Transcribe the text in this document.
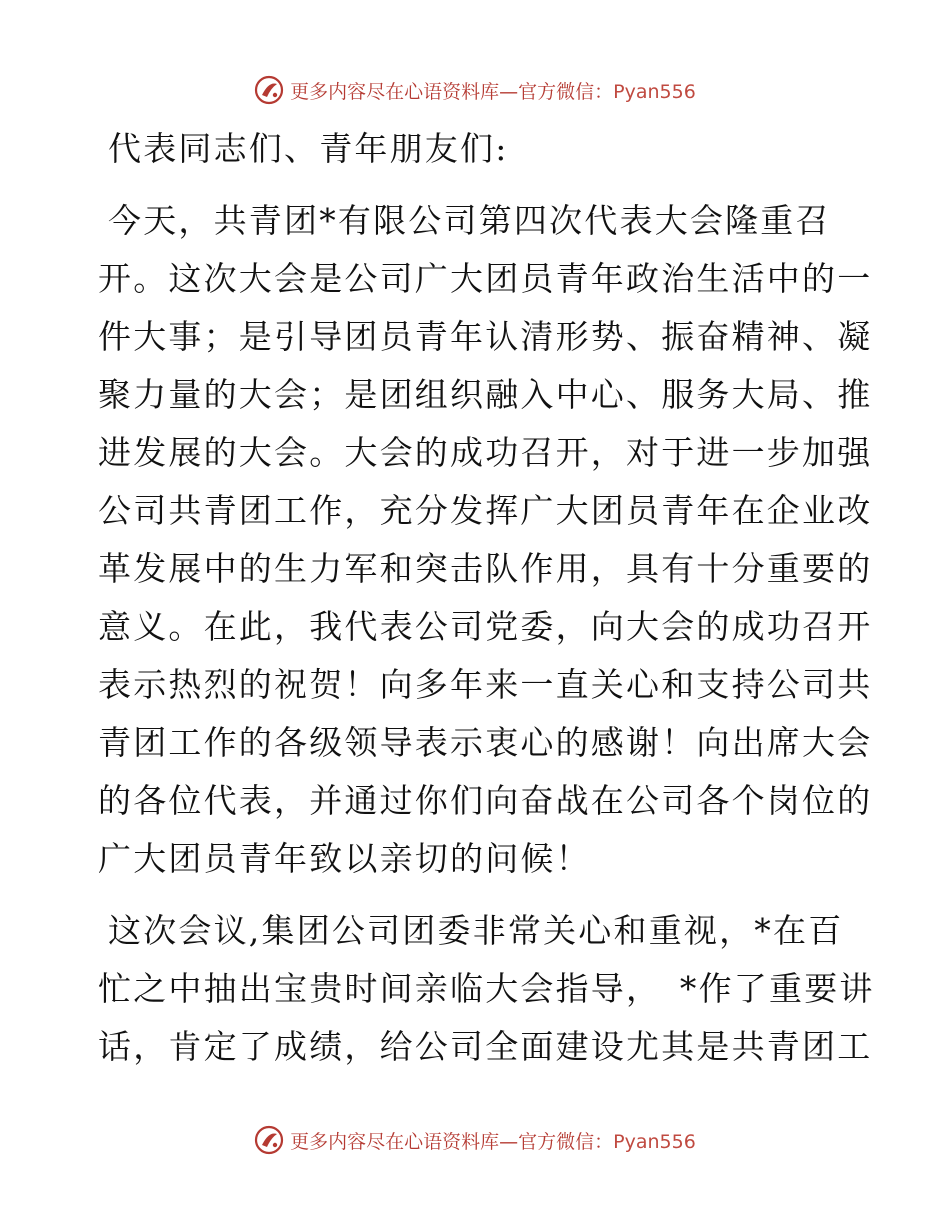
更多内容尽在心语资料库—官方微信：Pyan556
代表同志们、青年朋友们:
今天，共青团*有限公司第四次代表大会隆重召
开。这次大会是公司广大团员青年政治生活中的一
件大事；是引导团员青年认清形势、振奋精神、凝
聚力量的大会；是团组织融入中心、服务大局、推
进发展的大会。大会的成功召开，对于进一步加强
公司共青团工作，充分发挥广大团员青年在企业改
革发展中的生力军和突击队作用，具有十分重要的
意义。在此，我代表公司党委，向大会的成功召开
表示热烈的祝贺！向多年来一直关心和支持公司共
青团工作的各级领导表示衷心的感谢！向出席大会
的各位代表，并通过你们向奋战在公司各个岗位的
广大团员青年致以亲切的问候！
这次会议,集团公司团委非常关心和重视，*在百
忙之中抽出宝贵时间亲临大会指导，　*作了重要讲
话，肯定了成绩，给公司全面建设尤其是共青团工
更多内容尽在心语资料库—官方微信：Pyan556
